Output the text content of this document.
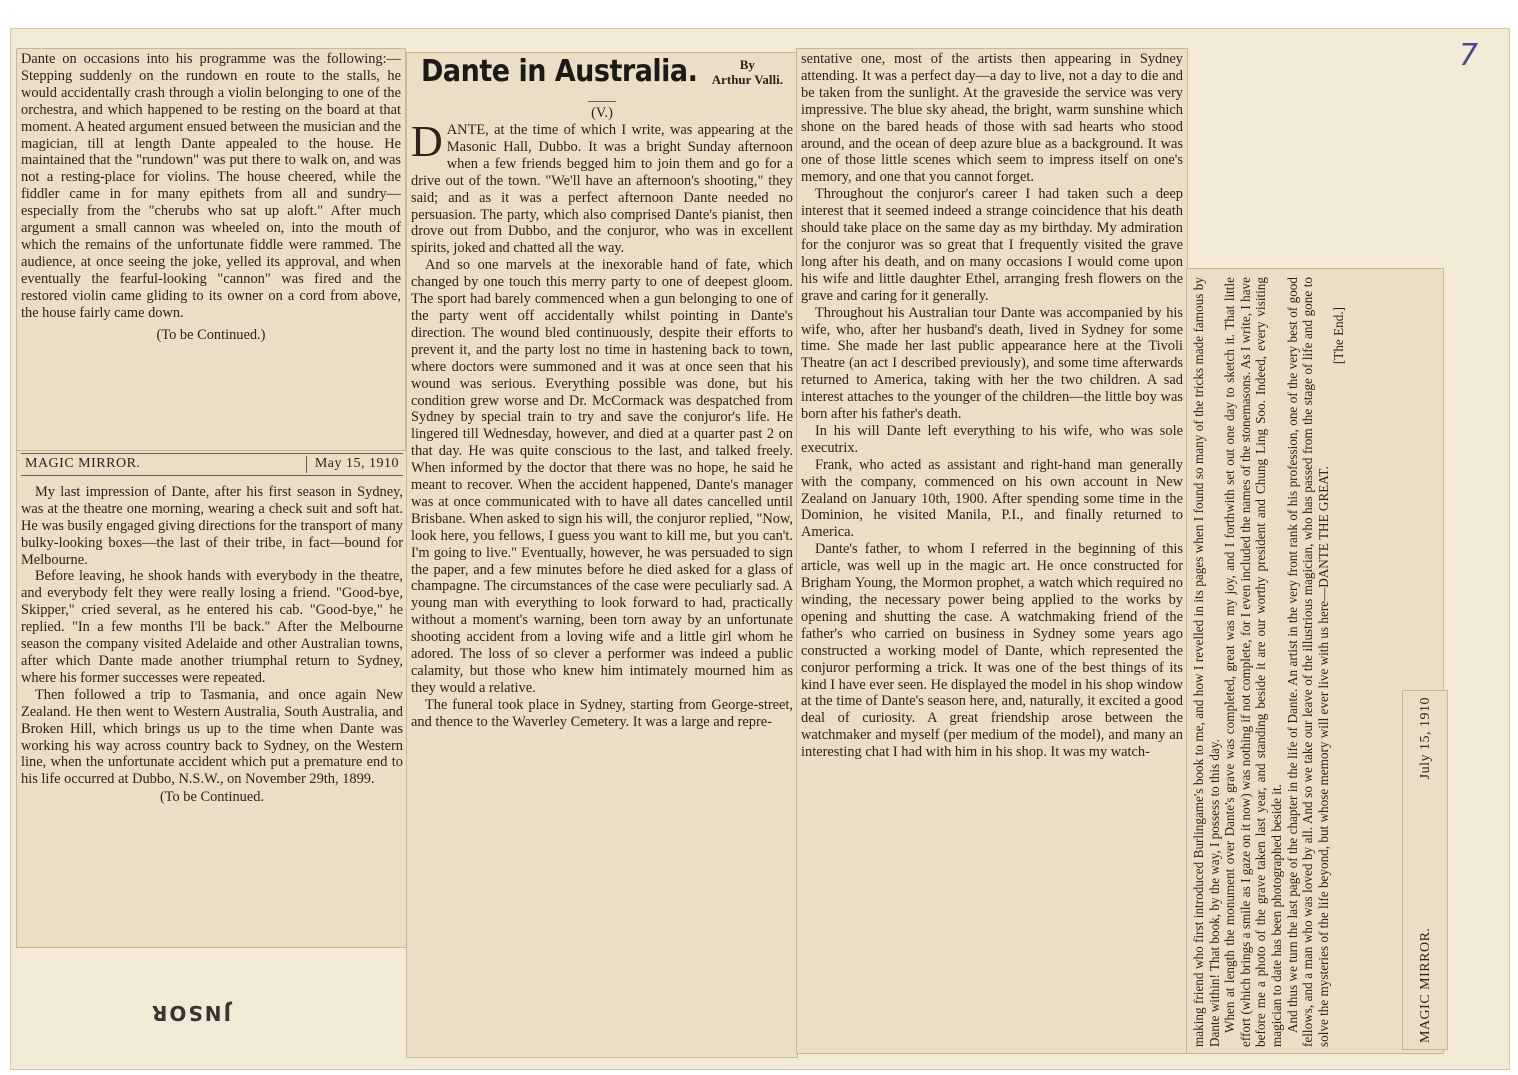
7

Dante on occasions into his programme was the following:—Stepping suddenly on the rundown en route to the stalls, he would accidentally crash through a violin belonging to one of the orchestra, and which happened to be resting on the board at that moment. A heated argument ensued between the musician and the magician, till at length Dante appealed to the house. He maintained that the "rundown" was put there to walk on, and was not a resting-place for violins. The house cheered, while the fiddler came in for many epithets from all and sundry—especially from the "cherubs who sat up aloft." After much argument a small cannon was wheeled on, into the mouth of which the remains of the unfortunate fiddle were rammed. The audience, at once seeing the joke, yelled its approval, and when eventually the fearful-looking "cannon" was fired and the restored violin came gliding to its owner on a cord from above, the house fairly came down.

(To be Continued.)
MAGIC MIRROR.	May 15, 1910

My last impression of Dante, after his first season in Sydney, was at the theatre one morning, wearing a check suit and soft hat. He was busily engaged giving directions for the transport of many bulky-looking boxes—the last of their tribe, in fact—bound for Melbourne.

Before leaving, he shook hands with everybody in the theatre, and everybody felt they were really losing a friend. "Good-bye, Skipper," cried several, as he entered his cab. "Good-bye," he replied. "In a few months I'll be back." After the Melbourne season the company visited Adelaide and other Australian towns, after which Dante made another triumphal return to Sydney, where his former successes were repeated.

Then followed a trip to Tasmania, and once again New Zealand. He then went to Western Australia, South Australia, and Broken Hill, which brings us up to the time when Dante was working his way across country back to Sydney, on the Western line, when the unfortunate accident which put a premature end to his life occurred at Dubbo, N.S.W., on November 29th, 1899.

(To be Continued.
Dante in Australia.	By
Arthur Valli.
(V.)

DANTE, at the time of which I write, was appearing at the Masonic Hall, Dubbo. It was a bright Sunday afternoon when a few friends begged him to join them and go for a drive out of the town. "We'll have an afternoon's shooting," they said; and as it was a perfect afternoon Dante needed no persuasion. The party, which also comprised Dante's pianist, then drove out from Dubbo, and the conjuror, who was in excellent spirits, joked and chatted all the way.

And so one marvels at the inexorable hand of fate, which changed by one touch this merry party to one of deepest gloom. The sport had barely commenced when a gun belonging to one of the party went off accidentally whilst pointing in Dante's direction. The wound bled continuously, despite their efforts to prevent it, and the party lost no time in hastening back to town, where doctors were summoned and it was at once seen that his wound was serious. Everything possible was done, but his condition grew worse and Dr. McCormack was despatched from Sydney by special train to try and save the conjuror's life. He lingered till Wednesday, however, and died at a quarter past 2 on that day. He was quite conscious to the last, and talked freely. When informed by the doctor that there was no hope, he said he meant to recover. When the accident happened, Dante's manager was at once communicated with to have all dates cancelled until Brisbane. When asked to sign his will, the conjuror replied, "Now, look here, you fellows, I guess you want to kill me, but you can't. I'm going to live." Eventually, however, he was persuaded to sign the paper, and a few minutes before he died asked for a glass of champagne. The circumstances of the case were peculiarly sad. A young man with everything to look forward to had, practically without a moment's warning, been torn away by an unfortunate shooting accident from a loving wife and a little girl whom he adored. The loss of so clever a performer was indeed a public calamity, but those who knew him intimately mourned him as they would a relative.

The funeral took place in Sydney, starting from George-street, and thence to the Waverley Cemetery. It was a large and repre-

sentative one, most of the artists then appearing in Sydney attending. It was a perfect day—a day to live, not a day to die and be taken from the sunlight. At the graveside the service was very impressive. The blue sky ahead, the bright, warm sunshine which shone on the bared heads of those with sad hearts who stood around, and the ocean of deep azure blue as a background. It was one of those little scenes which seem to impress itself on one's memory, and one that you cannot forget.

Throughout the conjuror's career I had taken such a deep interest that it seemed indeed a strange coincidence that his death should take place on the same day as my birthday. My admiration for the conjuror was so great that I frequently visited the grave long after his death, and on many occasions I would come upon his wife and little daughter Ethel, arranging fresh flowers on the grave and caring for it generally.

Throughout his Australian tour Dante was accompanied by his wife, who, after her husband's death, lived in Sydney for some time. She made her last public appearance here at the Tivoli Theatre (an act I described previously), and some time afterwards returned to America, taking with her the two children. A sad interest attaches to the younger of the children—the little boy was born after his father's death.

In his will Dante left everything to his wife, who was sole executrix.

Frank, who acted as assistant and right-hand man generally with the company, commenced on his own account in New Zealand on January 10th, 1900. After spending some time in the Dominion, he visited Manila, P.I., and finally returned to America.

Dante's father, to whom I referred in the beginning of this article, was well up in the magic art. He once constructed for Brigham Young, the Mormon prophet, a watch which required no winding, the necessary power being applied to the works by opening and shutting the case. A watchmaking friend of the father's who carried on business in Sydney some years ago constructed a working model of Dante, which represented the conjuror performing a trick. It was one of the best things of its kind I have ever seen. He displayed the model in his shop window at the time of Dante's season here, and, naturally, it excited a good deal of curiosity. A great friendship arose between the watchmaker and myself (per medium of the model), and many an interesting chat I had with him in his shop. It was my watch-	making friend who first introduced Burlingame's book to me, and how I revelled in its pages when I found so many of the tricks made famous by Dante within! That book, by the way, I possess to this day. When at length the monument over Dante's grave was completed, great was my joy, and I forthwith set out one day to sketch it. That little effort (which brings a smile as I gaze on it now) was nothing if not complete, for I even included the names of the stonemasons. As I write, I have before me a photo of the grave taken last year, and standing beside it are our worthy president and Chung Ling Soo. Indeed, every visiting magician to date has been photographed beside it. And thus we turn the last page of the chapter in the life of Dante. An artist in the very front rank of his profession, one of the very best of good fellows, and a man who was loved by all. And so we take our leave of the illustrious magician, who has passed from the stage of life and gone to solve the mysteries of the life beyond, but whose memory will ever live with us here—DANTE THE GREAT.

[The End.]
MAGIC MIRROR.
July 15, 1910
JNSOR
